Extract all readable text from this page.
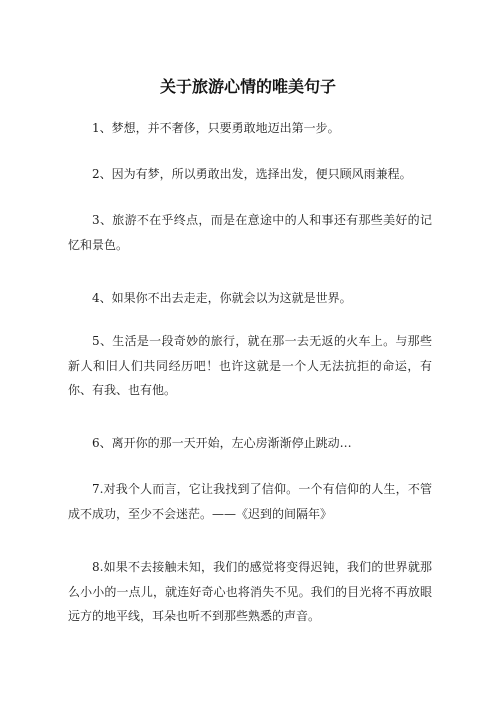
关于旅游心情的唯美句子

1、梦想，并不奢侈，只要勇敢地迈出第一步。

2、因为有梦，所以勇敢出发，选择出发，便只顾风雨兼程。

3、旅游不在乎终点，而是在意途中的人和事还有那些美好的记忆和景色。

4、如果你不出去走走，你就会以为这就是世界。

5、生活是一段奇妙的旅行，就在那一去无返的火车上。与那些新人和旧人们共同经历吧！也许这就是一个人无法抗拒的命运，有你、有我、也有他。

6、离开你的那一天开始，左心房渐渐停止跳动…

7.对我个人而言，它让我找到了信仰。一个有信仰的人生，不管成不成功，至少不会迷茫。——《迟到的间隔年》

8.如果不去接触未知，我们的感觉将变得迟钝，我们的世界就那么小小的一点儿，就连好奇心也将消失不见。我们的目光将不再放眼远方的地平线，耳朵也听不到那些熟悉的声音。
